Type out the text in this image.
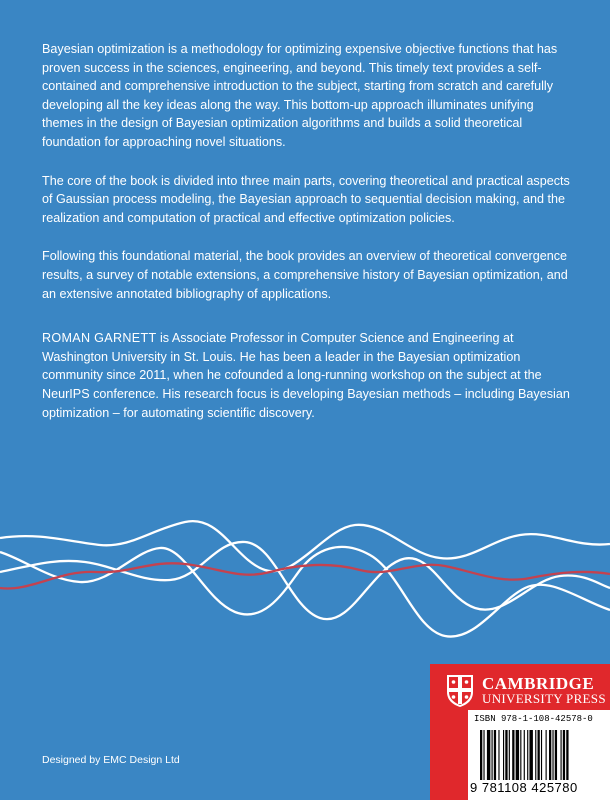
Bayesian optimization is a methodology for optimizing expensive objective functions that has proven success in the sciences, engineering, and beyond. This timely text provides a self-contained and comprehensive introduction to the subject, starting from scratch and carefully developing all the key ideas along the way. This bottom-up approach illuminates unifying themes in the design of Bayesian optimization algorithms and builds a solid theoretical foundation for approaching novel situations.

The core of the book is divided into three main parts, covering theoretical and practical aspects of Gaussian process modeling, the Bayesian approach to sequential decision making, and the realization and computation of practical and effective optimization policies.

Following this foundational material, the book provides an overview of theoretical convergence results, a survey of notable extensions, a comprehensive history of Bayesian optimization, and an extensive annotated bibliography of applications.

ROMAN GARNETT is Associate Professor in Computer Science and Engineering at Washington University in St. Louis. He has been a leader in the Bayesian optimization community since 2011, when he cofounded a long-running workshop on the subject at the NeurIPS conference. His research focus is developing Bayesian methods – including Bayesian optimization – for automating scientific discovery.

Designed by EMC Design Ltd
CAMBRIDGE
UNIVERSITY PRESS
ISBN 978-1-108-42578-0
9 781108 425780
